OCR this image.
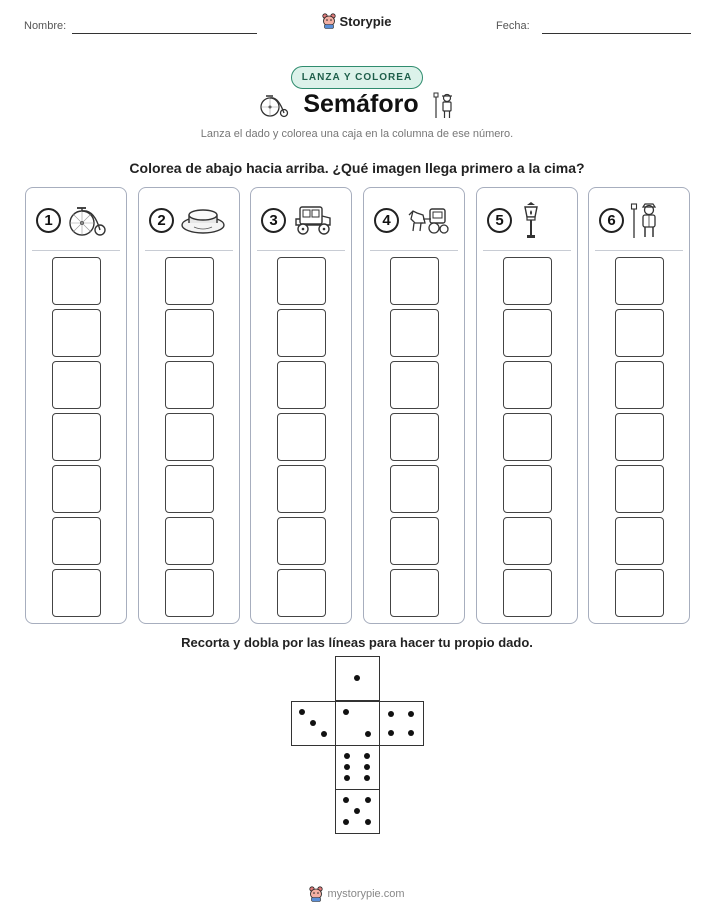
Nombre:	Storypie	Fecha:
LANZA Y COLOREA
Semáforo
Lanza el dado y colorea una caja en la columna de ese número.
Colorea de abajo hacia arriba. ¿Qué imagen llega primero a la cima?
1	2	3	4	5	6
Recorta y dobla por las líneas para hacer tu propio dado.
mystorypie.com
